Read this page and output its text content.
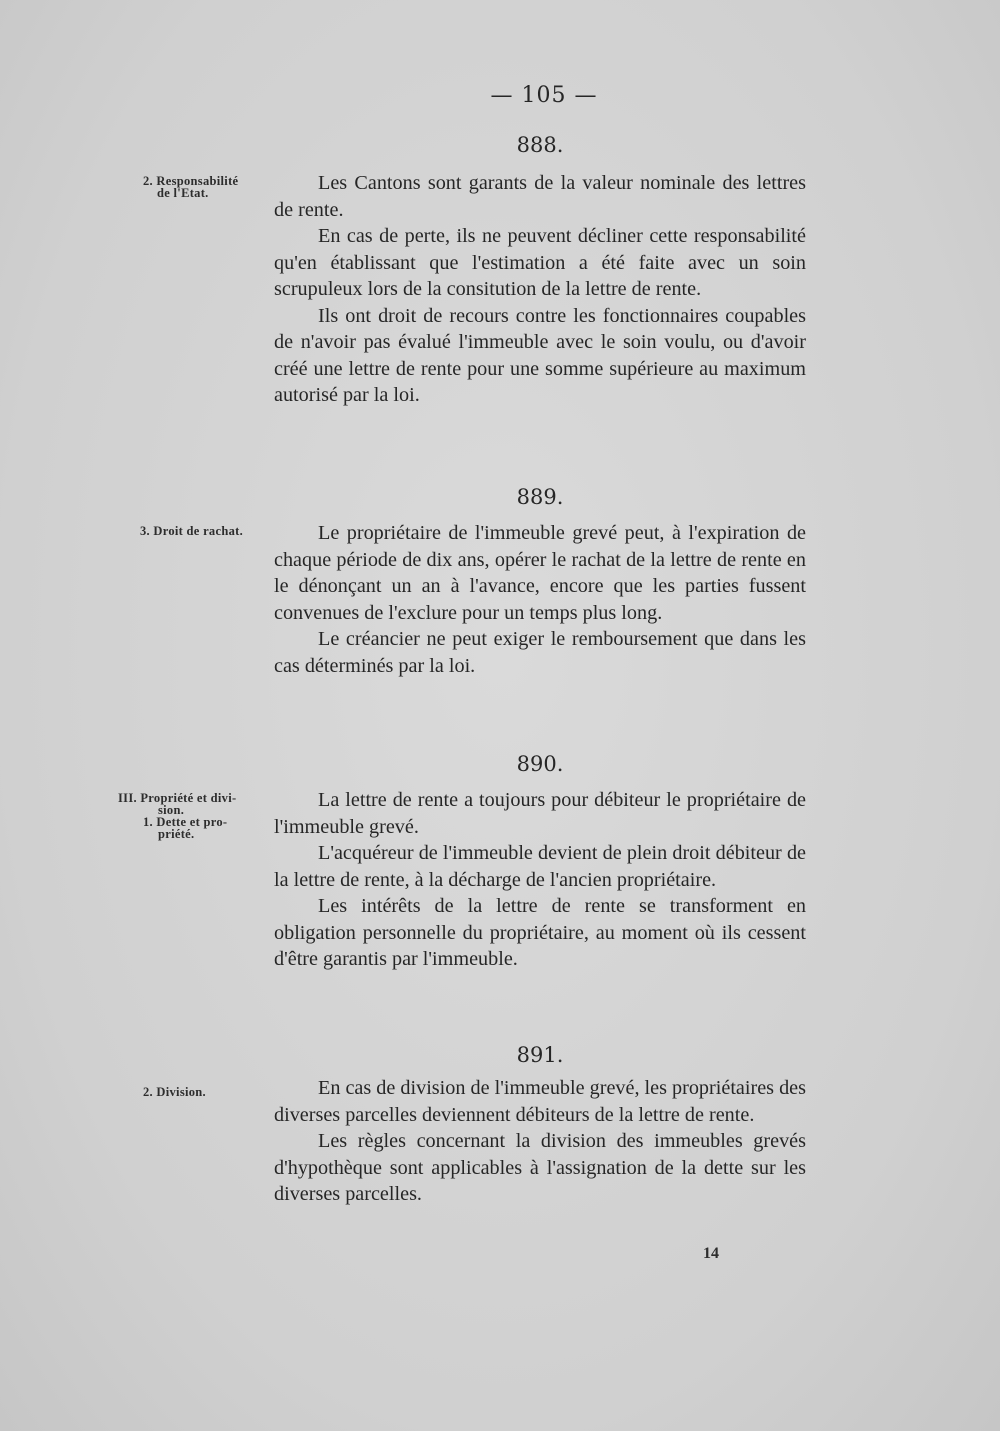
— 105 —
888.
2. Responsabilité
de l'Etat.	Les Cantons sont garants de la valeur nominale des lettres de rente.

En cas de perte, ils ne peuvent décliner cette responsabilité qu'en établissant que l'estimation a été faite avec un soin scrupuleux lors de la consitution de la lettre de rente.

Ils ont droit de recours contre les fonctionnaires coupables de n'avoir pas évalué l'immeuble avec le soin voulu, ou d'avoir créé une lettre de rente pour une somme supérieure au maximum autorisé par la loi.

889.
3. Droit de rachat.	Le propriétaire de l'immeuble grevé peut, à l'expiration de chaque période de dix ans, opérer le rachat de la lettre de rente en le dénonçant un an à l'avance, encore que les parties fussent convenues de l'exclure pour un temps plus long.

Le créancier ne peut exiger le remboursement que dans les cas déterminés par la loi.

890.
III. Propriété et divi-
sion.
1. Dette et pro-
priété.

La lettre de rente a toujours pour débiteur le propriétaire de l'immeuble grevé.

L'acquéreur de l'immeuble devient de plein droit débiteur de la lettre de rente, à la décharge de l'ancien propriétaire.

Les intérêts de la lettre de rente se transforment en obligation personnelle du propriétaire, au moment où ils cessent d'être garantis par l'immeuble.

891.
2. Division.	En cas de division de l'immeuble grevé, les propriétaires des diverses parcelles deviennent débiteurs de la lettre de rente.

Les règles concernant la division des immeubles grevés d'hypothèque sont applicables à l'assignation de la dette sur les diverses parcelles.

14
